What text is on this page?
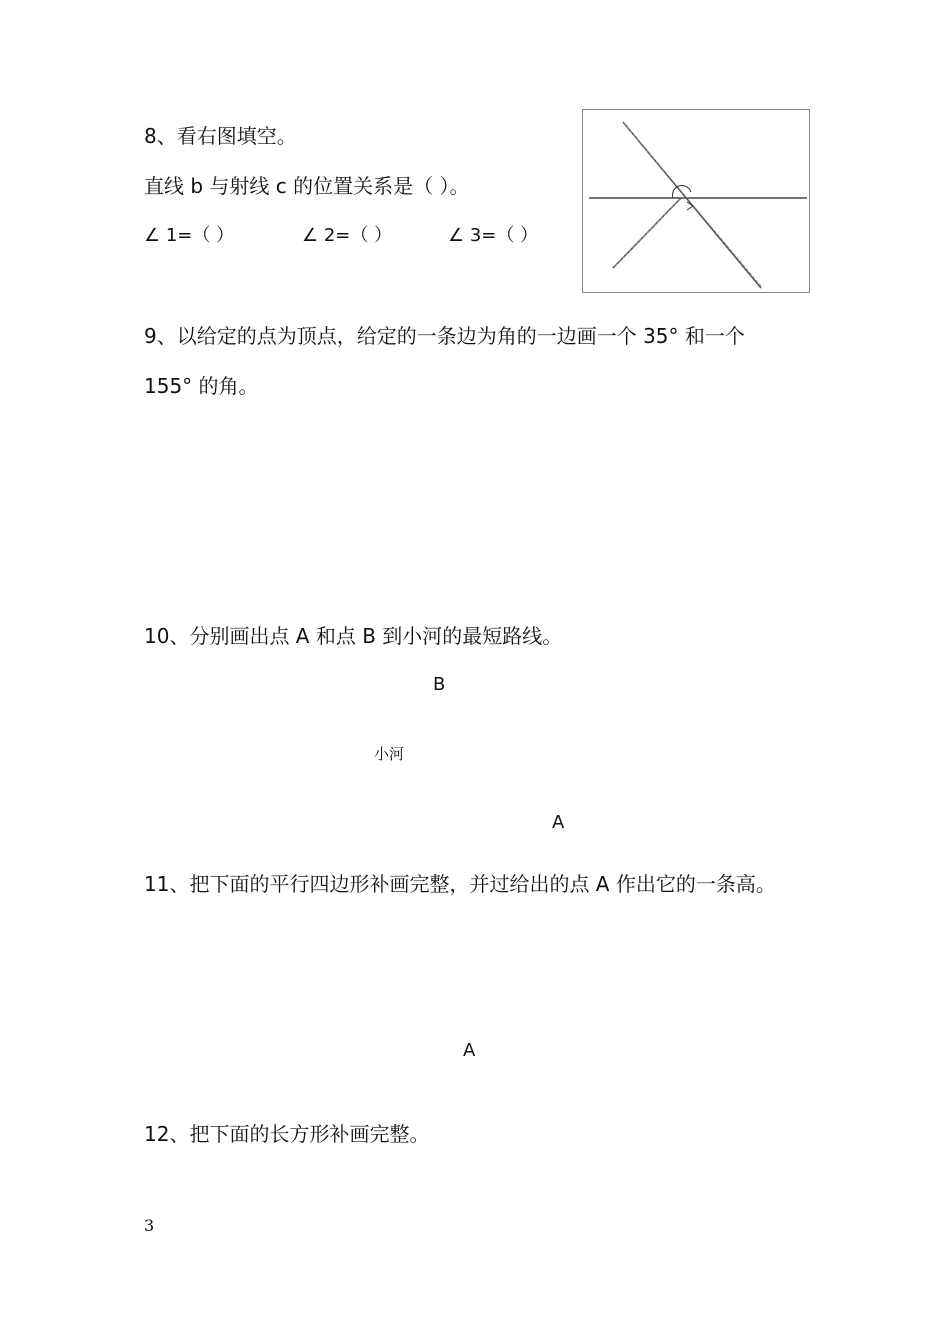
8、看右图填空。
直线 b 与射线 c 的位置关系是（ ）。
∠ 1=（ ）	∠ 2=（ ）	∠ 3=（ ）
9、以给定的点为顶点，给定的一条边为角的一边画一个 35° 和一个
155° 的角。
10、分别画出点 A 和点 B 到小河的最短路线。
B
小河
A
11、把下面的平行四边形补画完整，并过给出的点 A 作出它的一条高。
A
12、把下面的长方形补画完整。
3
